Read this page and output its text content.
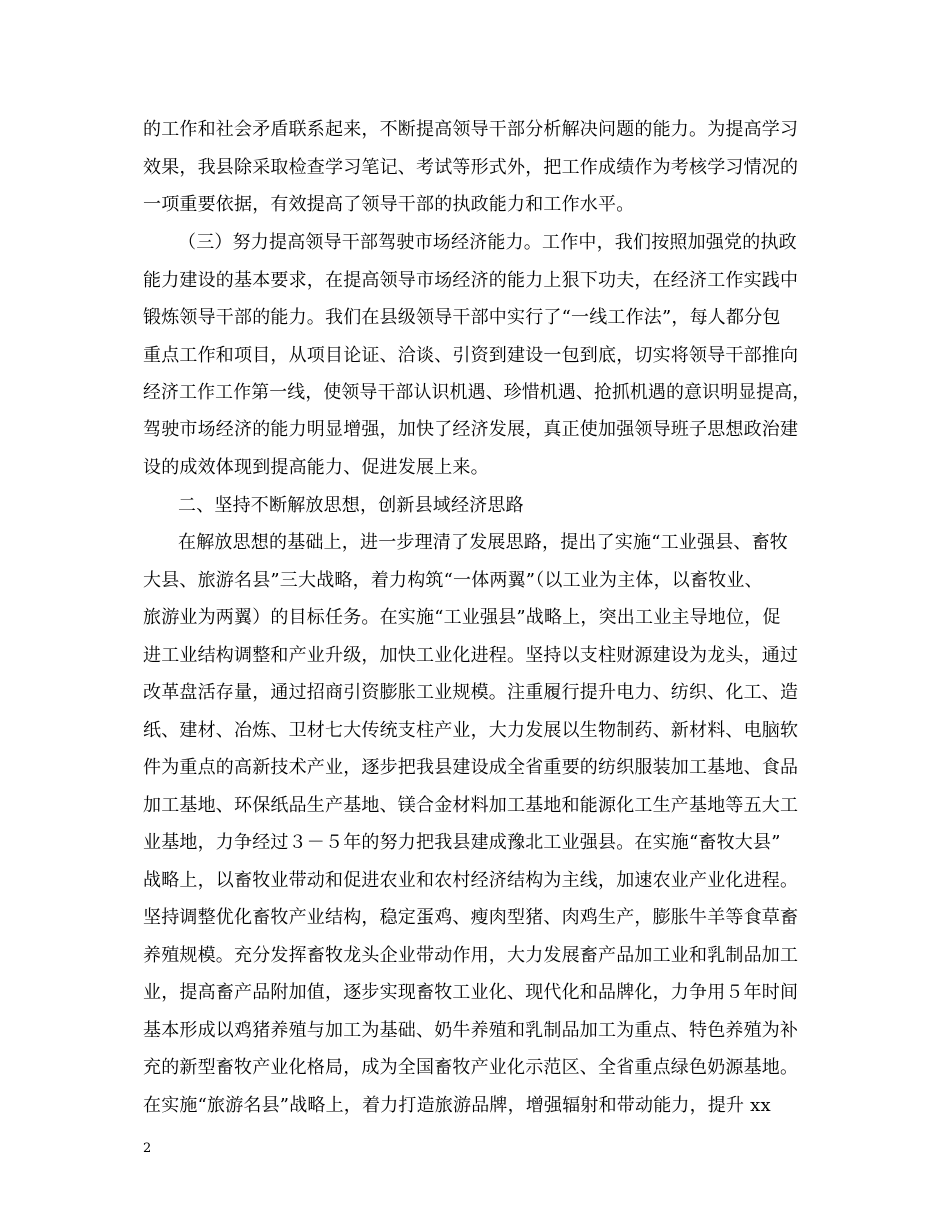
的工作和社会矛盾联系起来，不断提高领导干部分析解决问题的能力。为提高学习
效果，我县除采取检查学习笔记、考试等形式外，把工作成绩作为考核学习情况的
一项重要依据，有效提高了领导干部的执政能力和工作水平。
（三）努力提高领导干部驾驶市场经济能力。工作中，我们按照加强党的执政
能力建设的基本要求，在提高领导市场经济的能力上狠下功夫，在经济工作实践中
锻炼领导干部的能力。我们在县级领导干部中实行了“一线工作法”，每人都分包
重点工作和项目，从项目论证、洽谈、引资到建设一包到底，切实将领导干部推向
经济工作工作第一线，使领导干部认识机遇、珍惜机遇、抢抓机遇的意识明显提高，
驾驶市场经济的能力明显增强，加快了经济发展，真正使加强领导班子思想政治建
设的成效体现到提高能力、促进发展上来。
二、坚持不断解放思想，创新县域经济思路
在解放思想的基础上，进一步理清了发展思路，提出了实施“工业强县、畜牧
大县、旅游名县”三大战略，着力构筑“一体两翼”（以工业为主体，以畜牧业、
旅游业为两翼）的目标任务。在实施“工业强县”战略上，突出工业主导地位，促
进工业结构调整和产业升级，加快工业化进程。坚持以支柱财源建设为龙头，通过
改革盘活存量，通过招商引资膨胀工业规模。注重履行提升电力、纺织、化工、造
纸、建材、冶炼、卫材七大传统支柱产业，大力发展以生物制药、新材料、电脑软
件为重点的高新技术产业，逐步把我县建设成全省重要的纺织服装加工基地、食品
加工基地、环保纸品生产基地、镁合金材料加工基地和能源化工生产基地等五大工
业基地，力争经过３－５年的努力把我县建成豫北工业强县。在实施“畜牧大县”
战略上，以畜牧业带动和促进农业和农村经济结构为主线，加速农业产业化进程。
坚持调整优化畜牧产业结构，稳定蛋鸡、瘦肉型猪、肉鸡生产，膨胀牛羊等食草畜
养殖规模。充分发挥畜牧龙头企业带动作用，大力发展畜产品加工业和乳制品加工
业，提高畜产品附加值，逐步实现畜牧工业化、现代化和品牌化，力争用５年时间
基本形成以鸡猪养殖与加工为基础、奶牛养殖和乳制品加工为重点、特色养殖为补
充的新型畜牧产业化格局，成为全国畜牧产业化示范区、全省重点绿色奶源基地。
在实施“旅游名县”战略上，着力打造旅游品牌，增强辐射和带动能力，提升 xx
2
